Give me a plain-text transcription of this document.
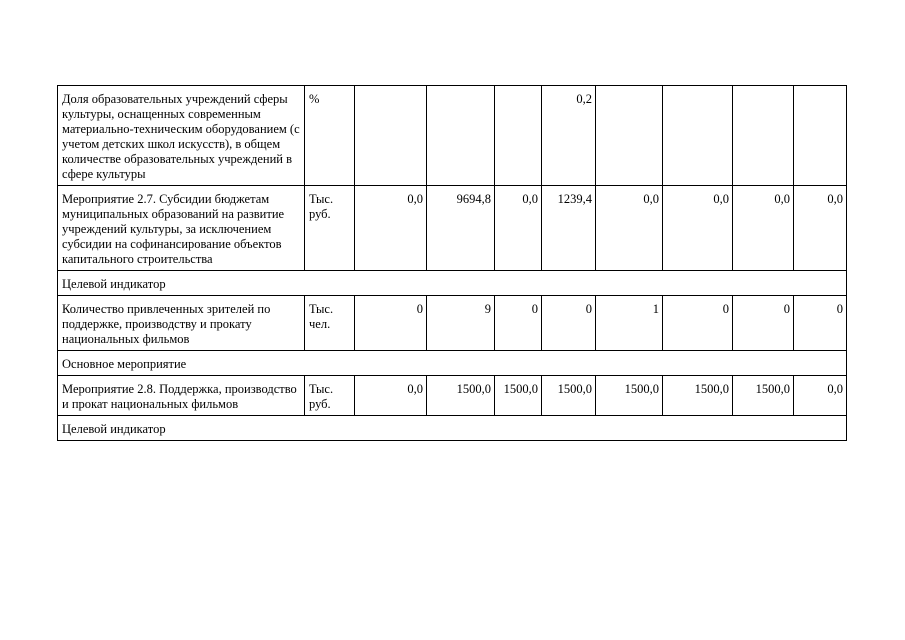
Доля образовательных учреждений сферы культуры, оснащенных современным материально-техническим оборудованием (с учетом детских школ искусств), в общем количестве образовательных учреждений в сфере культуры	%				0,2				
Мероприятие 2.7. Субсидии бюджетам муниципальных образований на развитие учреждений культуры, за исключением субсидии на софинансирование объектов капитального строительства	Тыс. руб.	0,0	9694,8	0,0	1239,4	0,0	0,0	0,0	0,0
Целевой индикатор									
Количество привлеченных зрителей по поддержке, производству и прокату национальных фильмов	Тыс. чел.	0	9	0	0	1	0	0	0
Основное мероприятие									
Мероприятие 2.8. Поддержка, производство и прокат национальных фильмов	Тыс. руб.	0,0	1500,0	1500,0	1500,0	1500,0	1500,0	1500,0	0,0
Целевой индикатор									
